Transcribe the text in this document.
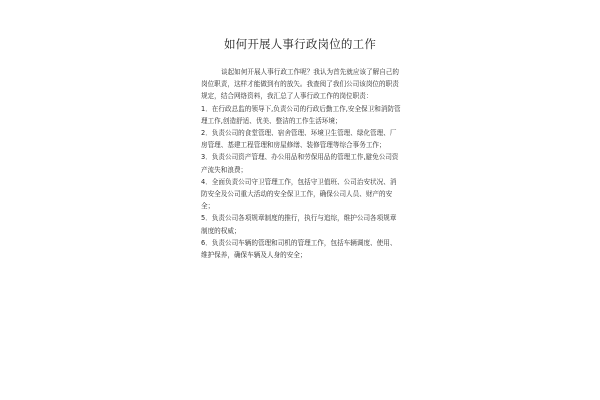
如何开展人事行政岗位的工作

谈起如何开展人事行政工作呢？我认为首先就应该了解自己的岗位职责，这样才能做到有的放矢。我查阅了我们公司该岗位的职责规定，结合网络资料，我汇总了人事行政工作的岗位职责：

1．在行政总监的领导下,负责公司的行政后勤工作,安全保卫和消防管理工作,创造舒适、优美、整洁的工作生活环境；

2．负责公司的食堂管理、宿舍管理、环境卫生管理、绿化管理、厂房管理、基建工程管理和房屋修缮、装修管理等综合事务工作；

3．负责公司资产管理、办公用品和劳保用品的管理工作,避免公司资产流失和浪费；

4．全面负责公司守卫管理工作，包括守卫值班、公司治安状况、消防安全及公司重大活动的安全保卫工作，确保公司人员、财产的安全；

5．负责公司各项规章制度的推行，执行与追综，维护公司各项规章制度的权威；

6．负责公司车辆的管理和司机的管理工作，包括车辆调度、使用、维护保养，确保车辆及人身的安全；
